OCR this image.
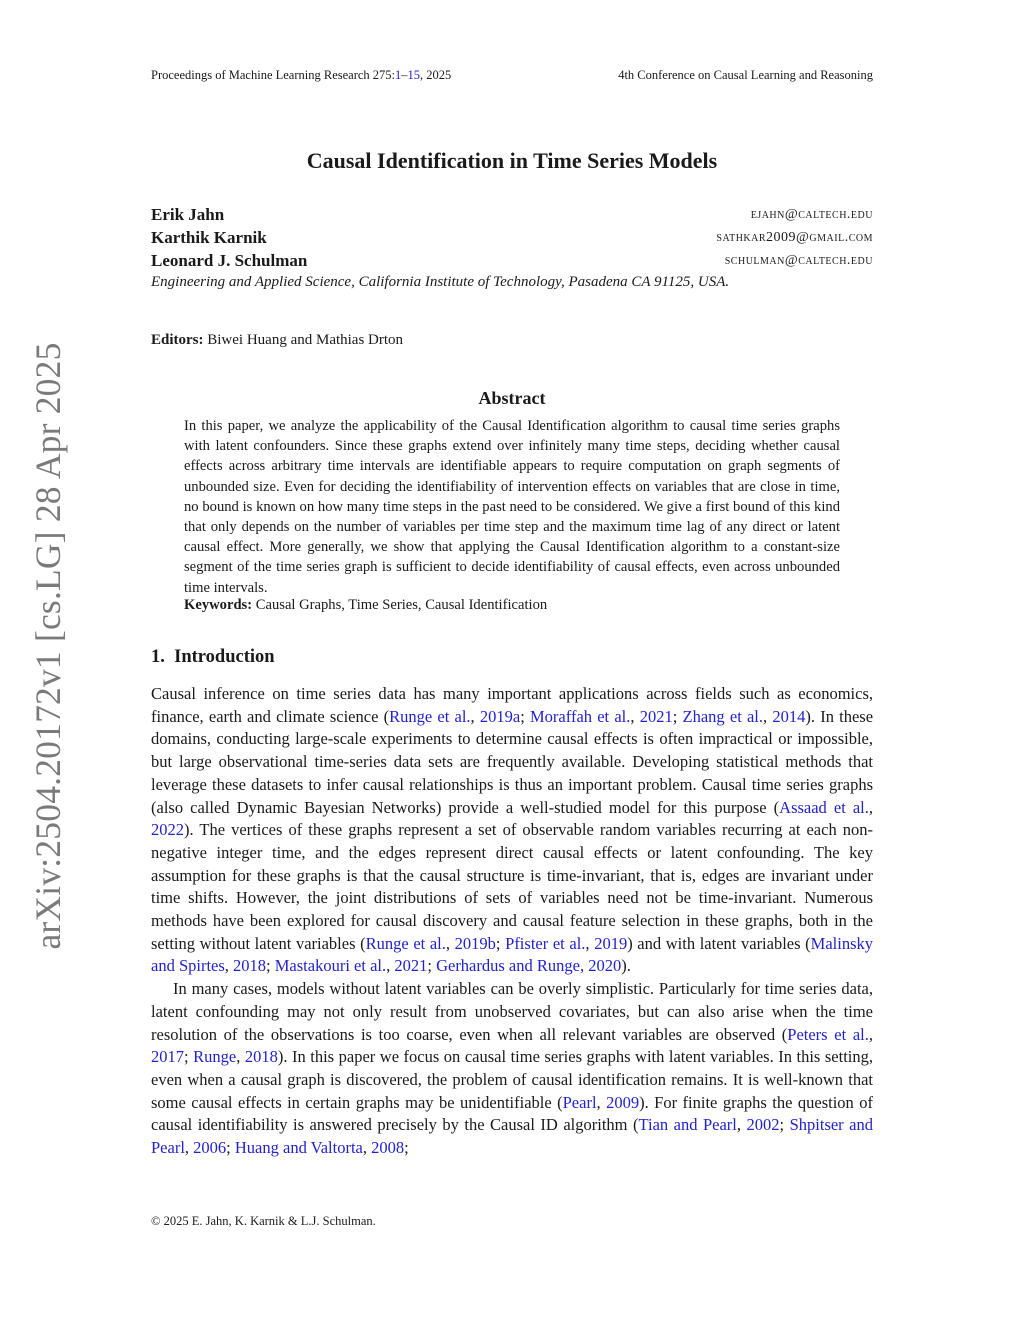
Proceedings of Machine Learning Research 275:1–15, 2025	4th Conference on Causal Learning and Reasoning
arXiv:2504.20172v1 [cs.LG] 28 Apr 2025
Causal Identification in Time Series Models
Erik Jahn	ejahn@caltech.edu
Karthik Karnik	sathkar2009@gmail.com
Leonard J. Schulman	schulman@caltech.edu
Engineering and Applied Science, California Institute of Technology, Pasadena CA 91125, USA.
Editors: Biwei Huang and Mathias Drton
Abstract
In this paper, we analyze the applicability of the Causal Identification algorithm to causal time series graphs with latent confounders. Since these graphs extend over infinitely many time steps, deciding whether causal effects across arbitrary time intervals are identifiable appears to require computation on graph segments of unbounded size. Even for deciding the identifiability of intervention effects on variables that are close in time, no bound is known on how many time steps in the past need to be considered. We give a first bound of this kind that only depends on the number of variables per time step and the maximum time lag of any direct or latent causal effect. More generally, we show that applying the Causal Identification algorithm to a constant-size segment of the time series graph is sufficient to decide identifiability of causal effects, even across unbounded time intervals.
Keywords: Causal Graphs, Time Series, Causal Identification
1. Introduction

Causal inference on time series data has many important applications across fields such as economics, finance, earth and climate science (Runge et al., 2019a; Moraffah et al., 2021; Zhang et al., 2014). In these domains, conducting large-scale experiments to determine causal effects is often impractical or impossible, but large observational time-series data sets are frequently available. Developing statistical methods that leverage these datasets to infer causal relationships is thus an important problem. Causal time series graphs (also called Dynamic Bayesian Networks) provide a well-studied model for this purpose (Assaad et al., 2022). The vertices of these graphs represent a set of observable random variables recurring at each non-negative integer time, and the edges represent direct causal effects or latent confounding. The key assumption for these graphs is that the causal structure is time-invariant, that is, edges are invariant under time shifts. However, the joint distributions of sets of variables need not be time-invariant. Numerous methods have been explored for causal discovery and causal feature selection in these graphs, both in the setting without latent variables (Runge et al., 2019b; Pfister et al., 2019) and with latent variables (Malinsky and Spirtes, 2018; Mastakouri et al., 2021; Gerhardus and Runge, 2020).

In many cases, models without latent variables can be overly simplistic. Particularly for time series data, latent confounding may not only result from unobserved covariates, but can also arise when the time resolution of the observations is too coarse, even when all relevant variables are observed (Peters et al., 2017; Runge, 2018). In this paper we focus on causal time series graphs with latent variables. In this setting, even when a causal graph is discovered, the problem of causal identification remains. It is well-known that some causal effects in certain graphs may be unidentifiable (Pearl, 2009). For finite graphs the question of causal identifiability is answered precisely by the Causal ID algorithm (Tian and Pearl, 2002; Shpitser and Pearl, 2006; Huang and Valtorta, 2008;

© 2025 E. Jahn, K. Karnik & L.J. Schulman.
